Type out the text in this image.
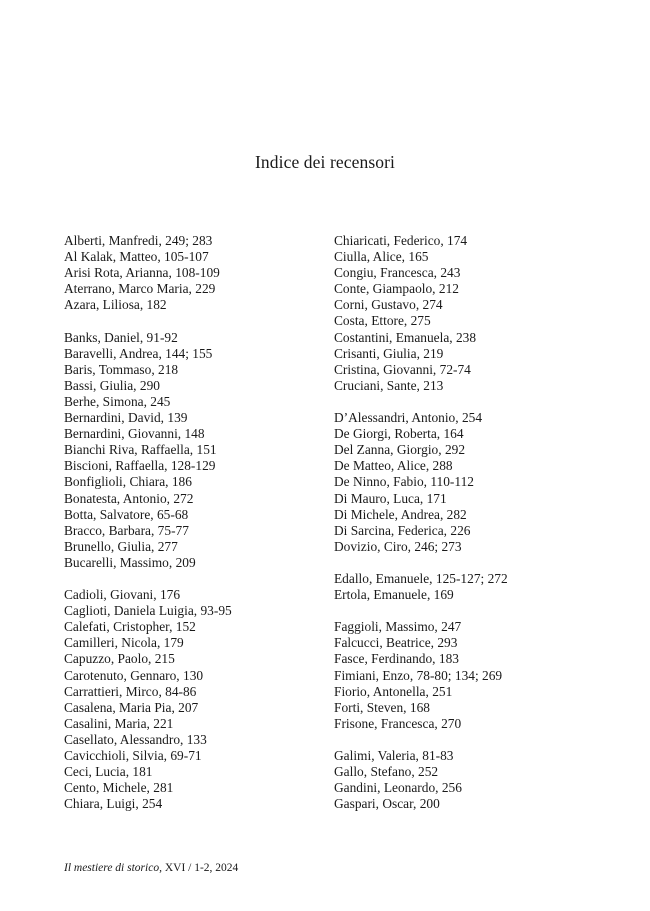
Indice dei recensori
Alberti, Manfredi, 249; 283
Al Kalak, Matteo, 105-107
Arisi Rota, Arianna, 108-109
Aterrano, Marco Maria, 229
Azara, Liliosa, 182
Banks, Daniel, 91-92
Baravelli, Andrea, 144; 155
Baris, Tommaso, 218
Bassi, Giulia, 290
Berhe, Simona, 245
Bernardini, David, 139
Bernardini, Giovanni, 148
Bianchi Riva, Raffaella, 151
Biscioni, Raffaella, 128-129
Bonfiglioli, Chiara, 186
Bonatesta, Antonio, 272
Botta, Salvatore, 65-68
Bracco, Barbara, 75-77
Brunello, Giulia, 277
Bucarelli, Massimo, 209
Cadioli, Giovani, 176
Caglioti, Daniela Luigia, 93-95
Calefati, Cristopher, 152
Camilleri, Nicola, 179
Capuzzo, Paolo, 215
Carotenuto, Gennaro, 130
Carrattieri, Mirco, 84-86
Casalena, Maria Pia, 207
Casalini, Maria, 221
Casellato, Alessandro, 133
Cavicchioli, Silvia, 69-71
Ceci, Lucia, 181
Cento, Michele, 281
Chiara, Luigi, 254
Chiaricati, Federico, 174
Ciulla, Alice, 165
Congiu, Francesca, 243
Conte, Giampaolo, 212
Corni, Gustavo, 274
Costa, Ettore, 275
Costantini, Emanuela, 238
Crisanti, Giulia, 219
Cristina, Giovanni, 72-74
Cruciani, Sante, 213
D’Alessandri, Antonio, 254
De Giorgi, Roberta, 164
Del Zanna, Giorgio, 292
De Matteo, Alice, 288
De Ninno, Fabio, 110-112
Di Mauro, Luca, 171
Di Michele, Andrea, 282
Di Sarcina, Federica, 226
Dovizio, Ciro, 246; 273
Edallo, Emanuele, 125-127; 272
Ertola, Emanuele, 169
Faggioli, Massimo, 247
Falcucci, Beatrice, 293
Fasce, Ferdinando, 183
Fimiani, Enzo, 78-80; 134; 269
Fiorio, Antonella, 251
Forti, Steven, 168
Frisone, Francesca, 270
Galimi, Valeria, 81-83
Gallo, Stefano, 252
Gandini, Leonardo, 256
Gaspari, Oscar, 200
Il mestiere di storico, XVI / 1-2, 2024
